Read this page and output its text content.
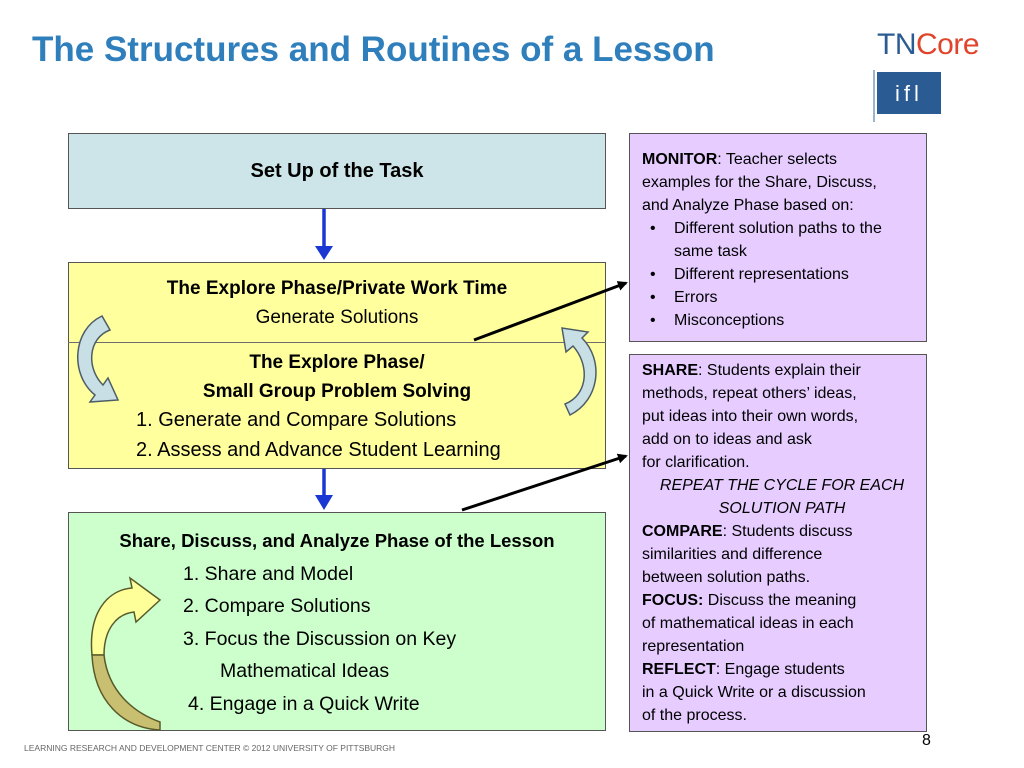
The Structures and Routines of a Lesson	TNCore
ifl
Set Up of the Task
The Explore Phase/Private Work Time
Generate Solutions
The Explore Phase/
Small Group Problem Solving
1. Generate and Compare Solutions
2. Assess and Advance Student Learning
Share, Discuss, and Analyze Phase of the Lesson
1. Share and Model
2. Compare Solutions
3. Focus the Discussion on Key
Mathematical Ideas
4. Engage in a Quick Write
MONITOR: Teacher selects
examples for the Share, Discuss,
and Analyze Phase based on:
• Different solution paths to the same task
• Different representations
• Errors
• Misconceptions
SHARE: Students explain their
methods, repeat others’ ideas,
put ideas into their own words,
add on to ideas and ask
for clarification.
REPEAT THE CYCLE FOR EACH
SOLUTION PATH
COMPARE: Students discuss
similarities and difference
between solution paths.
FOCUS: Discuss the meaning
of mathematical ideas in each
representation
REFLECT: Engage students
in a Quick Write or a discussion
of the process.
LEARNING RESEARCH AND DEVELOPMENT CENTER © 2012 UNIVERSITY OF PITTSBURGH	8
